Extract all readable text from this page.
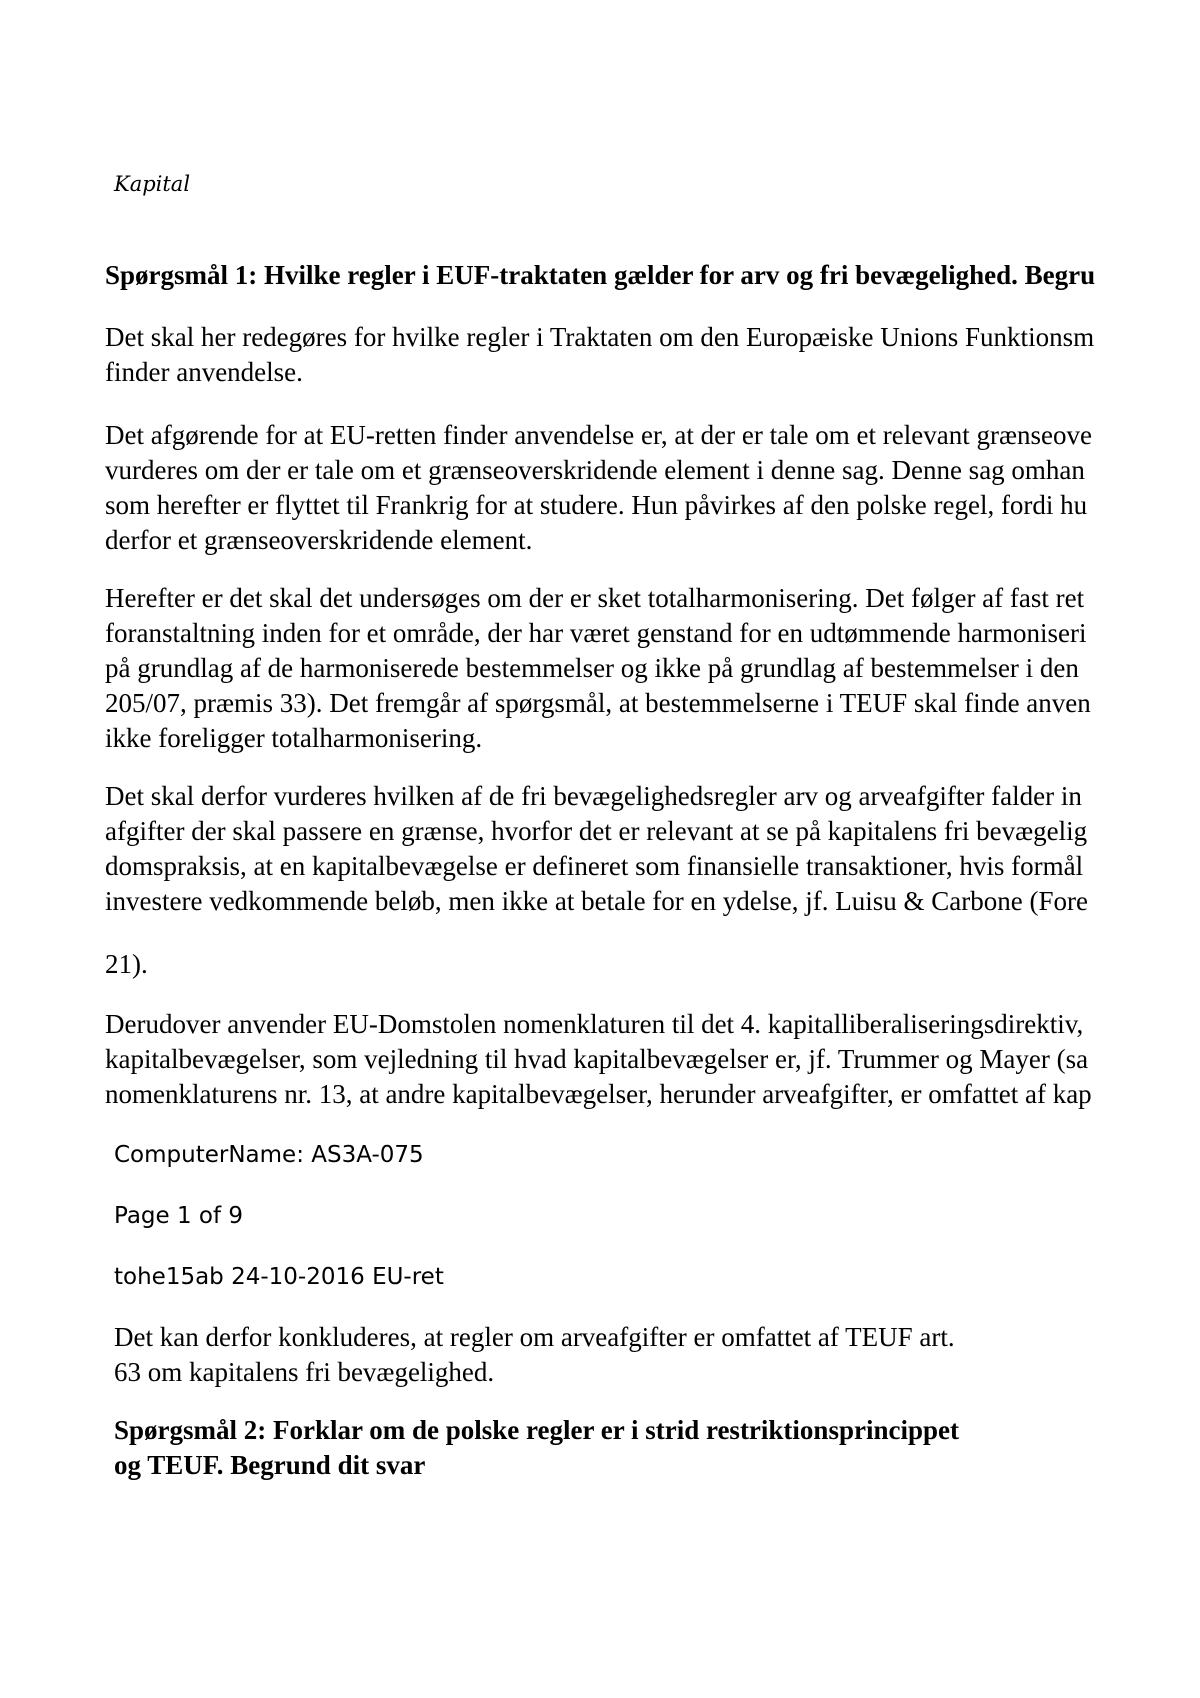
Kapital
Spørgsmål 1: Hvilke regler i EUF-traktaten gælder for arv og fri bevægelighed. Begru
Det skal her redegøres for hvilke regler i Traktaten om den Europæiske Unions Funktionsm
finder anvendelse.
Det afgørende for at EU-retten finder anvendelse er, at der er tale om et relevant grænseove
vurderes om der er tale om et grænseoverskridende element i denne sag. Denne sag omhan
som herefter er flyttet til Frankrig for at studere. Hun påvirkes af den polske regel, fordi hu
derfor et grænseoverskridende element.
Herefter er det skal det undersøges om der er sket totalharmonisering. Det følger af fast ret
foranstaltning inden for et område, der har været genstand for en udtømmende harmoniseri
på grundlag af de harmoniserede bestemmelser og ikke på grundlag af bestemmelser i den
205/07, præmis 33). Det fremgår af spørgsmål, at bestemmelserne i TEUF skal finde anven
ikke foreligger totalharmonisering.
Det skal derfor vurderes hvilken af de fri bevægelighedsregler arv og arveafgifter falder in
afgifter der skal passere en grænse, hvorfor det er relevant at se på kapitalens fri bevægelig
domspraksis, at en kapitalbevægelse er defineret som finansielle transaktioner, hvis formål
investere vedkommende beløb, men ikke at betale for en ydelse, jf. Luisu & Carbone (Fore
21).
Derudover anvender EU-Domstolen nomenklaturen til det 4. kapitalliberaliseringsdirektiv,
kapitalbevægelser, som vejledning til hvad kapitalbevægelser er, jf. Trummer og Mayer (sa
nomenklaturens nr. 13, at andre kapitalbevægelser, herunder arveafgifter, er omfattet af kap
ComputerName: AS3A-075
Page 1 of 9
tohe15ab 24-10-2016 EU-ret
Det kan derfor konkluderes, at regler om arveafgifter er omfattet af TEUF art.
63 om kapitalens fri bevægelighed.
Spørgsmål 2: Forklar om de polske regler er i strid restriktionsprincippet
og TEUF. Begrund dit svar
